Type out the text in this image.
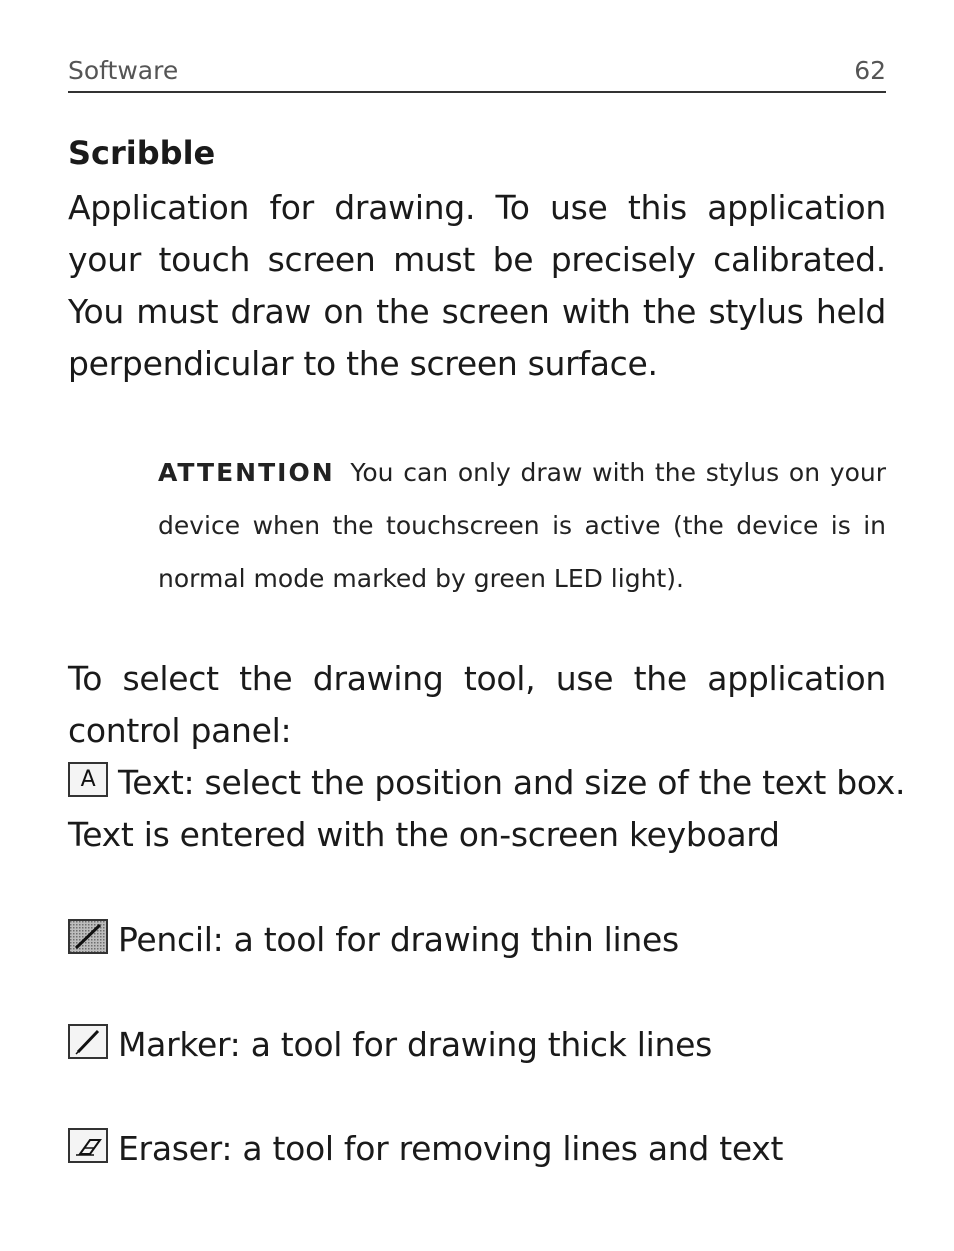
Software	62
Scribble
Application for drawing. To use this application your touch screen must be precisely calibrated. You must draw on the screen with the stylus held perpendicular to the screen surface.
ATTENTION You can only draw with the stylus on your device when the touchscreen is active (the device is in normal mode marked by green LED light).
To select the drawing tool, use the application control panel:
A Text: select the position and size of the text box.
Text is entered with the on-screen keyboard
Pencil: a tool for drawing thin lines
Marker: a tool for drawing thick lines
Eraser: a tool for removing lines and text
